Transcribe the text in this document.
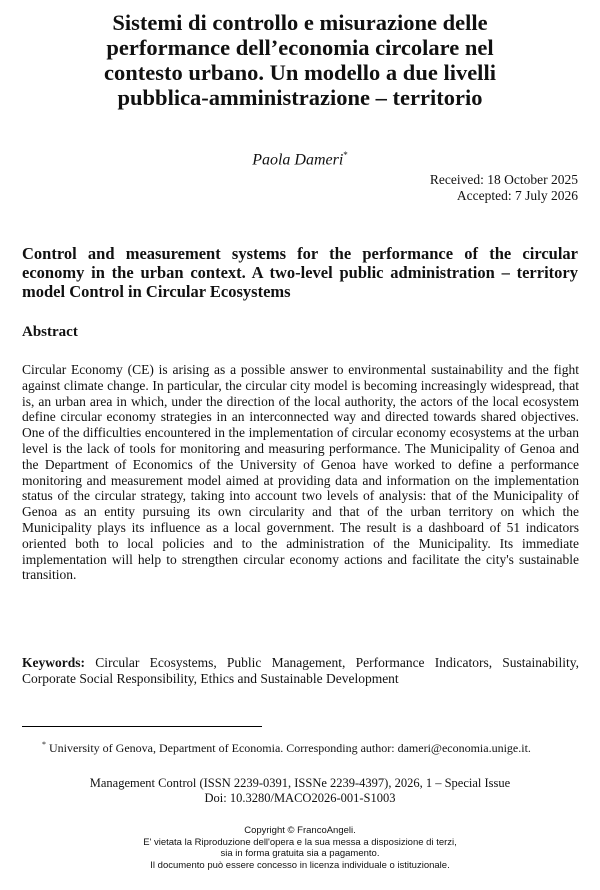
Sistemi di controllo e misurazione delle
performance dell’economia circolare nel
contesto urbano. Un modello a due livelli
pubblica-amministrazione – territorio
Paola Dameri*
Received: 18 October 2025
Accepted: 7 July 2026
Control and measurement systems for the performance of the circular economy in the urban context. A two-level public administration – territory model Control in Circular Ecosystems
Abstract

Circular Economy (CE) is arising as a possible answer to environmental sustainability and the fight against climate change. In particular, the circular city model is becoming increasingly widespread, that is, an urban area in which, under the direction of the local authority, the actors of the local ecosystem define circular economy strategies in an interconnected way and directed towards shared objectives. One of the difficulties encountered in the implementation of circular economy ecosystems at the urban level is the lack of tools for monitoring and measuring performance. The Municipality of Genoa and the Department of Economics of the University of Genoa have worked to define a performance monitoring and measurement model aimed at providing data and information on the implementation status of the circular strategy, taking into account two levels of analysis: that of the Municipality of Genoa as an entity pursuing its own circularity and that of the urban territory on which the Municipality plays its influence as a local government. The result is a dashboard of 51 indicators oriented both to local policies and to the administration of the Municipality. Its immediate implementation will help to strengthen circular economy actions and facilitate the city's sustainable transition.

Keywords: Circular Ecosystems, Public Management, Performance Indicators, Sustainability, Corporate Social Responsibility, Ethics and Sustainable Development
* University of Genova, Department of Economia. Corresponding author: dameri@economia.unige.it.
Management Control (ISSN 2239-0391, ISSNe 2239-4397), 2026, 1 – Special Issue
Doi: 10.3280/MACO2026-001-S1003
Copyright © FrancoAngeli.
E' vietata la Riproduzione dell'opera e la sua messa a disposizione di terzi,
sia in forma gratuita sia a pagamento.
Il documento può essere concesso in licenza individuale o istituzionale.
